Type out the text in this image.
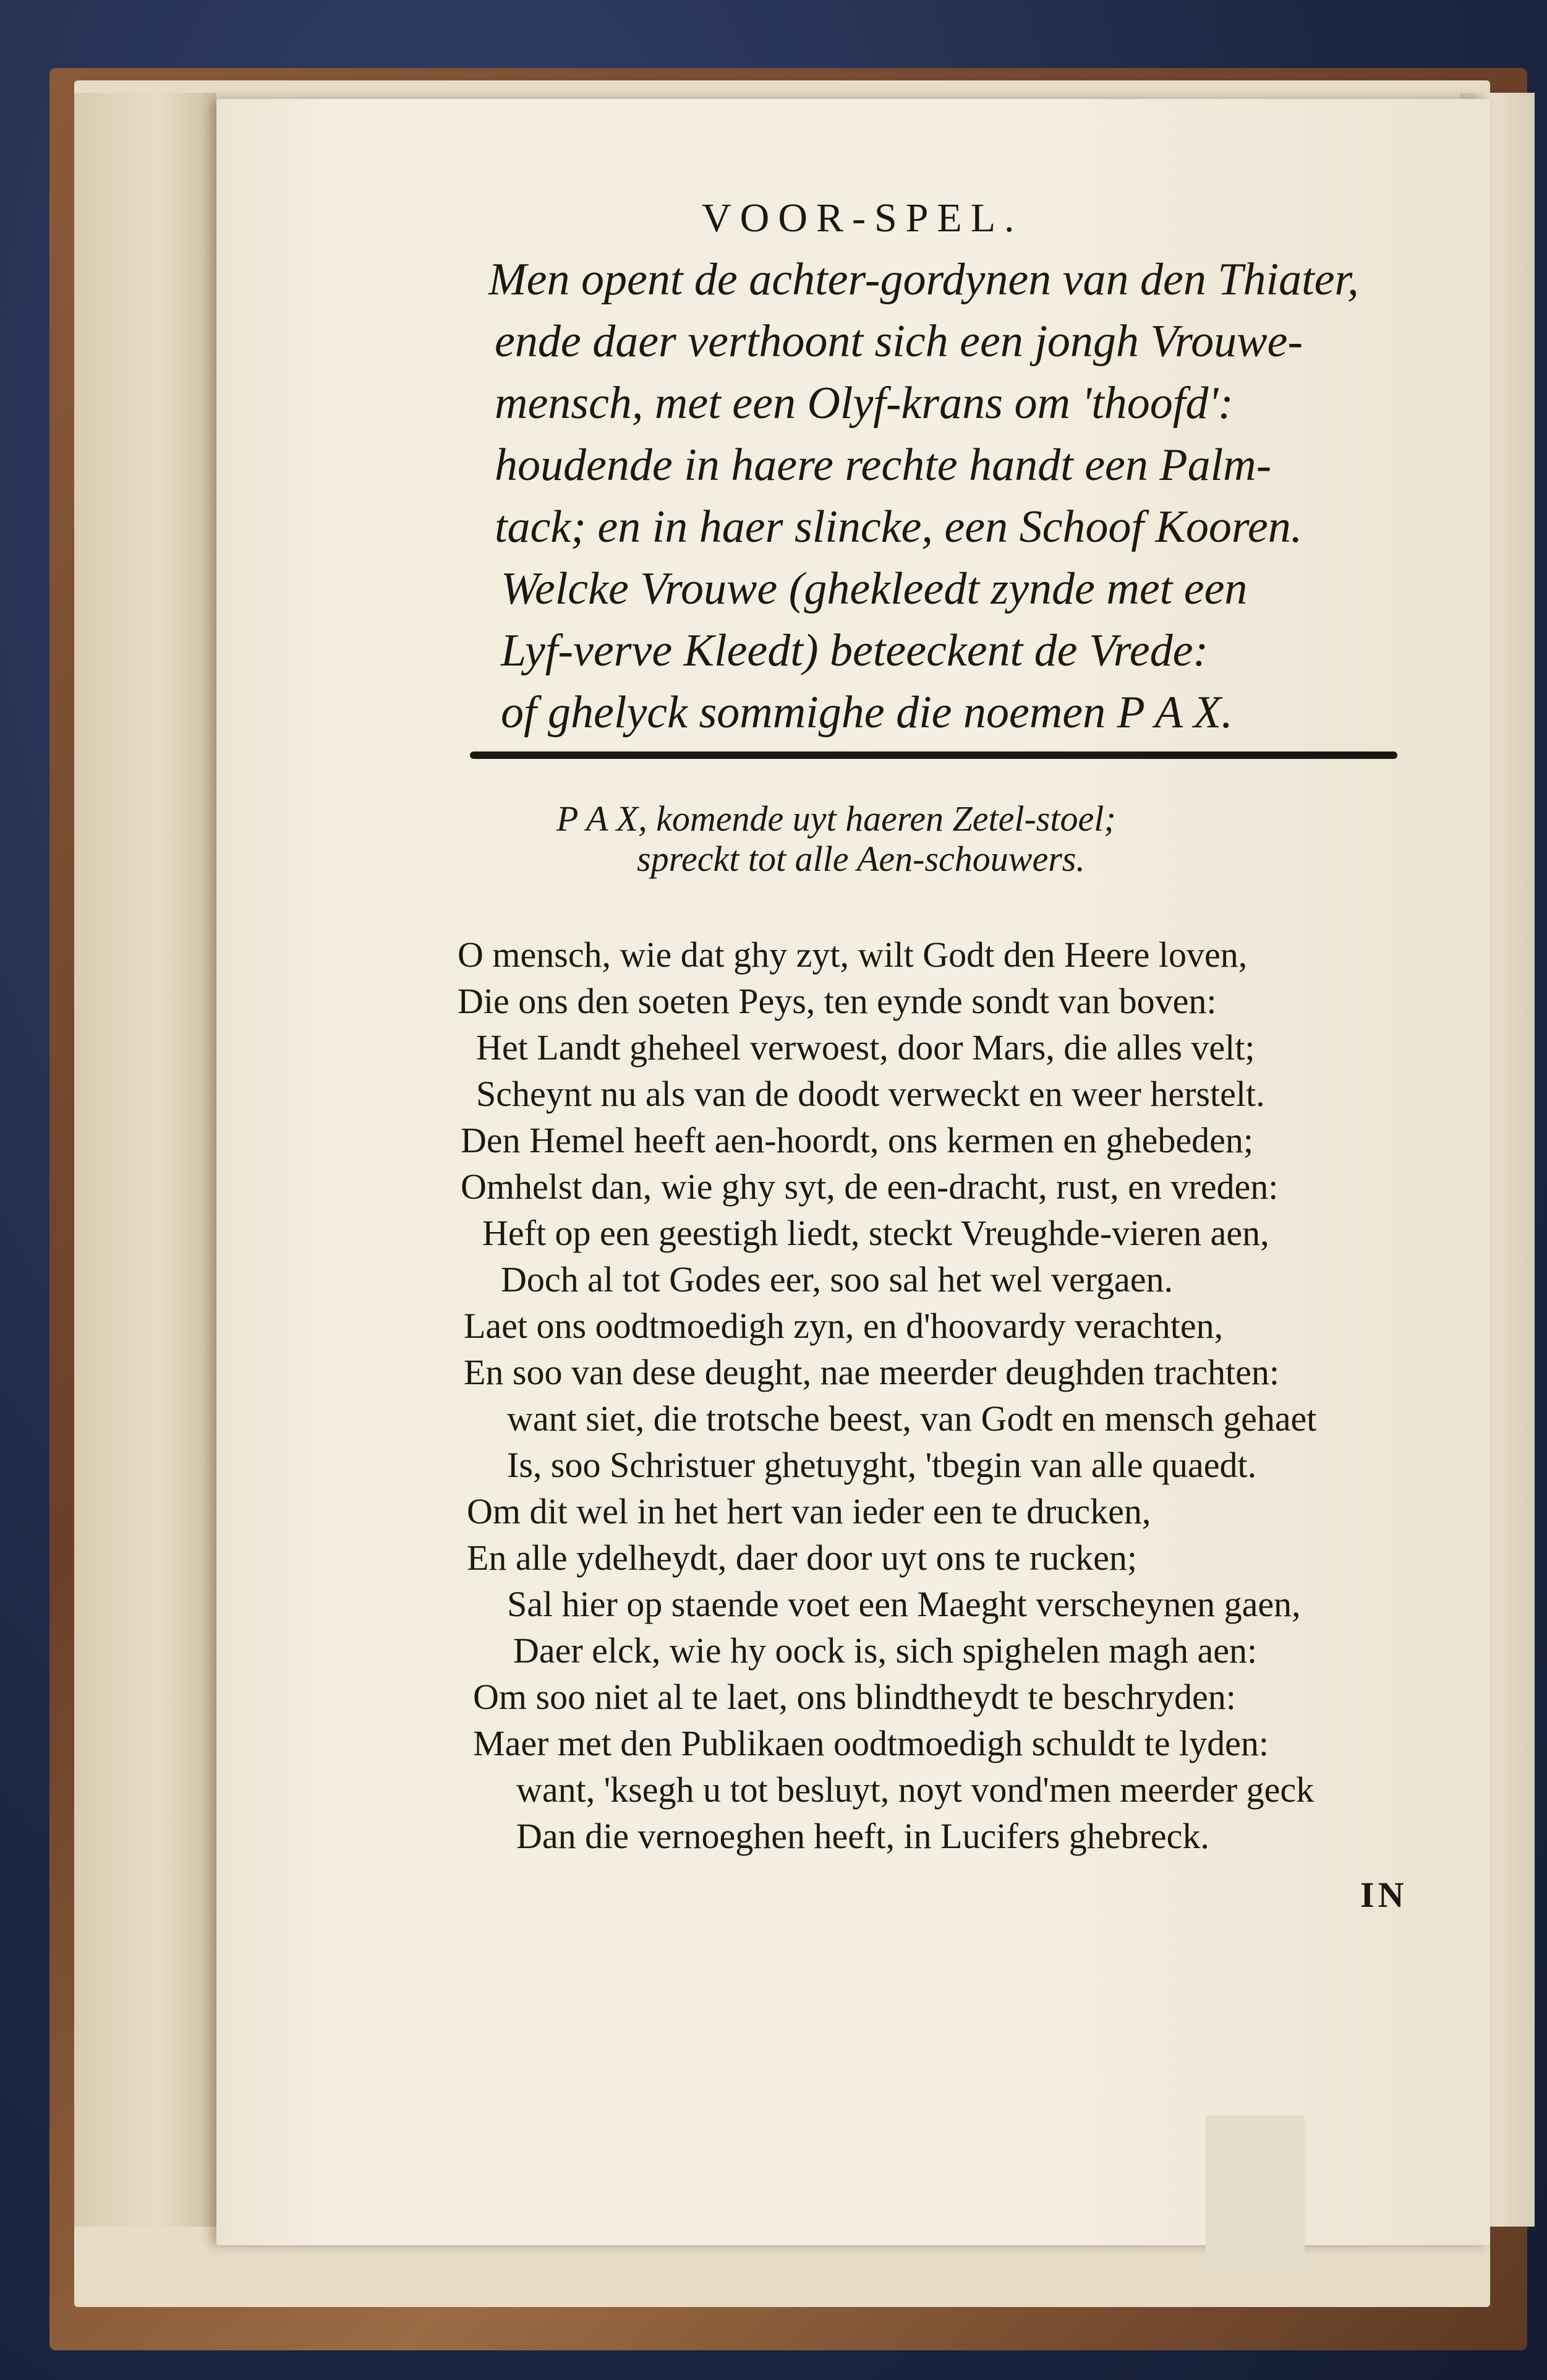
VOOR-SPEL.
Men opent de achter-gordynen van den Thiater,
ende daer verthoont sich een jongh Vrouwe-
mensch, met een Olyf-krans om 'thoofd':
houdende in haere rechte handt een Palm-
tack; en in haer slincke, een Schoof Kooren.
Welcke Vrouwe (ghekleedt zynde met een
Lyf-verve Kleedt) beteeckent de Vrede:
of ghelyck sommighe die noemen P A X.
P A X, komende uyt haeren Zetel-stoel;
spreckt tot alle Aen-schouwers.
O mensch, wie dat ghy zyt, wilt Godt den Heere loven,
Die ons den soeten Peys, ten eynde sondt van boven:
Het Landt gheheel verwoest, door Mars, die alles velt;
Scheynt nu als van de doodt verweckt en weer herstelt.
Den Hemel heeft aen-hoordt, ons kermen en ghebeden;
Omhelst dan, wie ghy syt, de een-dracht, rust, en vreden:
Heft op een geestigh liedt, steckt Vreughde-vieren aen,
Doch al tot Godes eer, soo sal het wel vergaen.
Laet ons oodtmoedigh zyn, en d'hoovardy verachten,
En soo van dese deught, nae meerder deughden trachten:
want siet, die trotsche beest, van Godt en mensch gehaet
Is, soo Schristuer ghetuyght, 'tbegin van alle quaedt.
Om dit wel in het hert van ieder een te drucken,
En alle ydelheydt, daer door uyt ons te rucken;
Sal hier op staende voet een Maeght verscheynen gaen,
Daer elck, wie hy oock is, sich spighelen magh aen:
Om soo niet al te laet, ons blindtheydt te beschryden:
Maer met den Publikaen oodtmoedigh schuldt te lyden:
want, 'ksegh u tot besluyt, noyt vond'men meerder geck
Dan die vernoeghen heeft, in Lucifers ghebreck.
IN
